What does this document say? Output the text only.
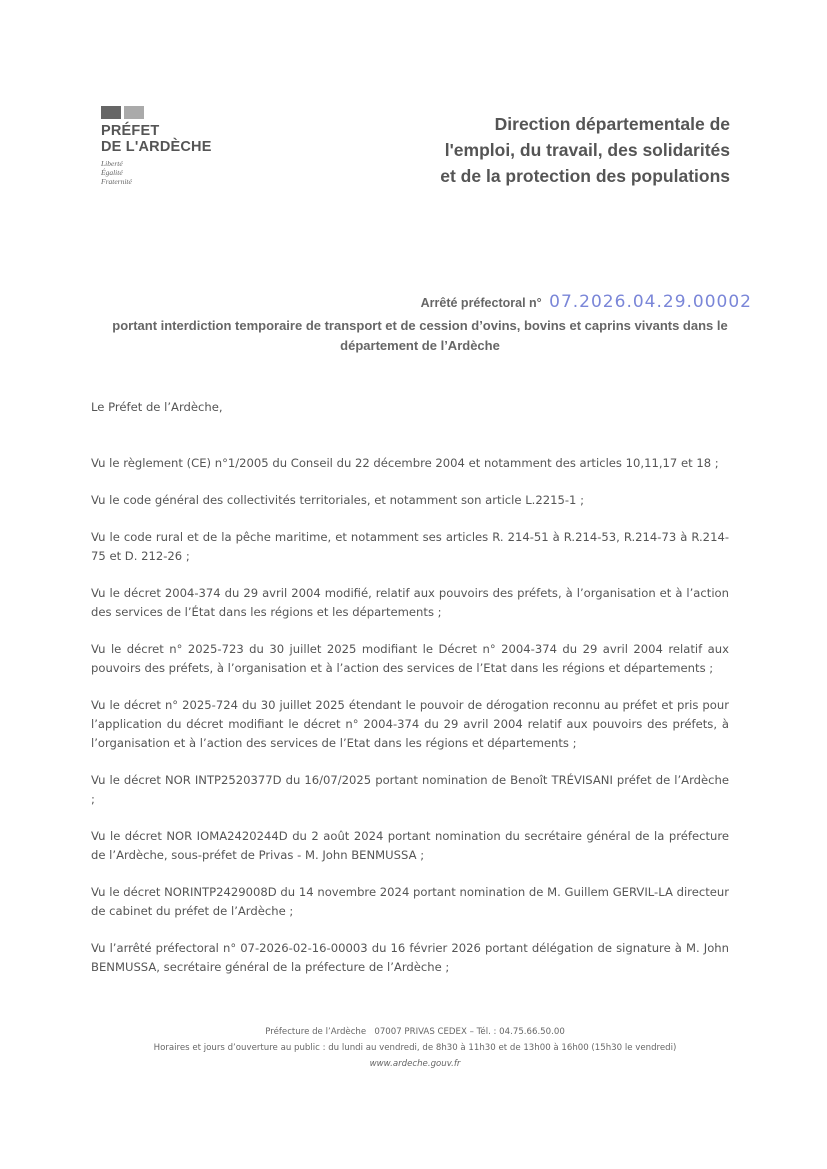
PRÉFET
DE L'ARDÈCHE
Liberté
Égalité
Fraternité
Direction départementale de
l'emploi, du travail, des solidarités
et de la protection des populations
Arrêté préfectoral n° 07.2026.04.29.00002
portant interdiction temporaire de transport et de cession d’ovins, bovins et caprins vivants dans le département de l’Ardèche

Le Préfet de l’Ardèche,

Vu le règlement (CE) n°1/2005 du Conseil du 22 décembre 2004 et notamment des articles 10,11,17 et 18 ;

Vu le code général des collectivités territoriales, et notamment son article L.2215-1 ;

Vu le code rural et de la pêche maritime, et notamment ses articles R. 214-51 à R.214-53, R.214-73 à R.214-75 et D. 212-26 ;

Vu le décret 2004-374 du 29 avril 2004 modifié, relatif aux pouvoirs des préfets, à l’organisation et à l’action des services de l’État dans les régions et les départements ;

Vu le décret n° 2025-723 du 30 juillet 2025 modifiant le Décret n° 2004-374 du 29 avril 2004 relatif aux pouvoirs des préfets, à l’organisation et à l’action des services de l’Etat dans les régions et départements ;

Vu le décret n° 2025-724 du 30 juillet 2025 étendant le pouvoir de dérogation reconnu au préfet et pris pour l’application du décret modifiant le décret n° 2004-374 du 29 avril 2004 relatif aux pouvoirs des préfets, à l’organisation et à l’action des services de l’Etat dans les régions et départements ;

Vu le décret NOR INTP2520377D du 16/07/2025 portant nomination de Benoît TRÉVISANI préfet de l’Ardèche ;

Vu le décret NOR IOMA2420244D du 2 août 2024 portant nomination du secrétaire général de la préfecture de l’Ardèche, sous-préfet de Privas - M. John BENMUSSA ;

Vu le décret NORINTP2429008D du 14 novembre 2024 portant nomination de M. Guillem GERVIL-LA directeur de cabinet du préfet de l’Ardèche ;

Vu l’arrêté préfectoral n° 07-2026-02-16-00003 du 16 février 2026 portant délégation de signature à M. John BENMUSSA, secrétaire général de la préfecture de l’Ardèche ;

Préfecture de l’Ardèche   07007 PRIVAS CEDEX – Tél. : 04.75.66.50.00
Horaires et jours d’ouverture au public : du lundi au vendredi, de 8h30 à 11h30 et de 13h00 à 16h00 (15h30 le vendredi)
www.ardeche.gouv.fr
